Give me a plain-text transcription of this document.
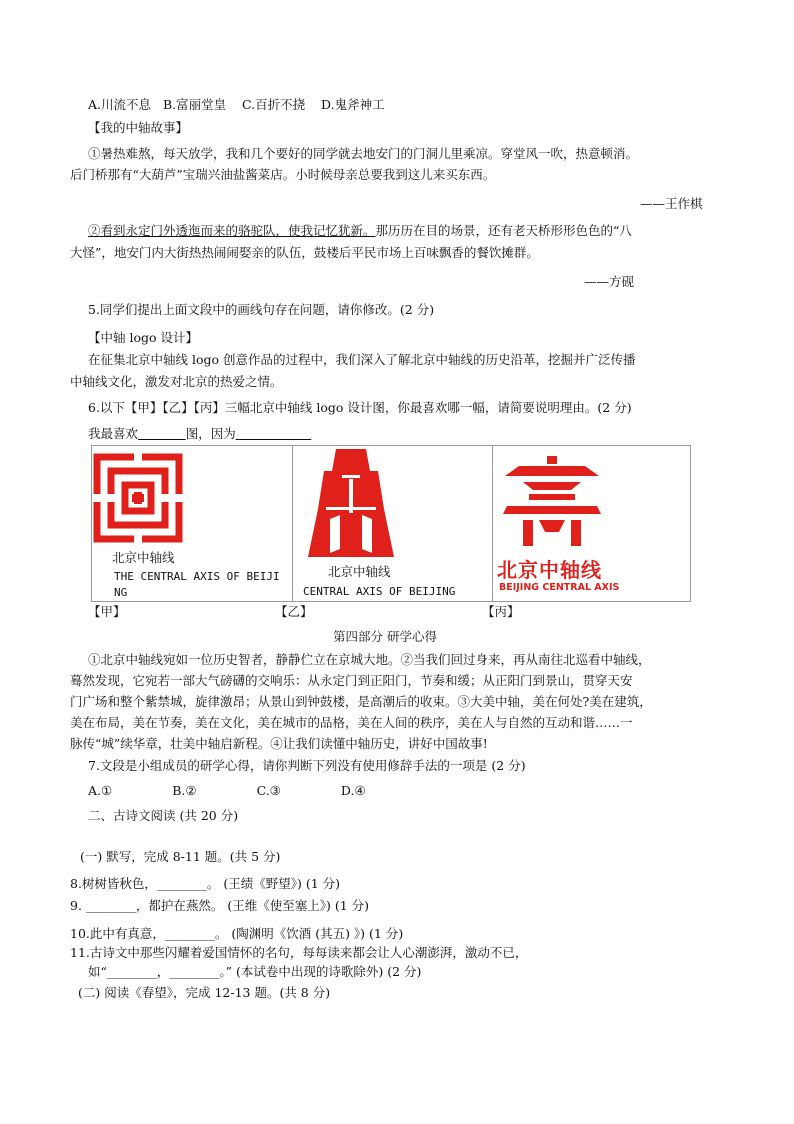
A.川流不息 B.富丽堂皇 C.百折不挠 D.鬼斧神工
【我的中轴故事】
①暑热难熬，每天放学，我和几个要好的同学就去地安门的门洞儿里乘凉。穿堂风一吹，热意顿消。
后门桥那有“大葫芦”宝瑞兴油盐酱菜店。小时候母亲总要我到这儿来买东西。
——王作棋
②看到永定门外透迤而来的骆驼队，使我记忆犹新。那历历在目的场景，还有老天桥形形色色的“八
大怪”，地安门内大街热热闹闹娶亲的队伍，鼓楼后平民市场上百味飘香的餐饮摊群。
——方砚
5.同学们提出上面文段中的画线句存在问题，请你修改。(2 分)
【中轴 logo 设计】
在征集北京中轴线 logo 创意作品的过程中，我们深入了解北京中轴线的历史沿革，挖掘并广泛传播
中轴线文化，激发对北京的热爱之情。
6.以下【甲】【乙】【丙】三幅北京中轴线 logo 设计图，你最喜欢哪一幅，请简要说明理由。(2 分)
我最喜欢	图，因为
北京中轴线
THE CENTRAL AXIS OF BEIJI
NG
北京中轴线
CENTRAL AXIS OF BEIJING
北京中轴线
BEIJING CENTRAL AXIS
【甲】	【乙】	【丙】
第四部分 研学心得
①北京中轴线宛如一位历史智者，静静伫立在京城大地。②当我们回过身来，再从南往北巡看中轴线，
蓦然发现，它宛若一部大气磅礴的交响乐：从永定门到正阳门，节奏和缓；从正阳门到景山，贯穿天安
门广场和整个紫禁城，旋律激昂；从景山到钟鼓楼，是高潮后的收束。③大美中轴，美在何处?美在建筑，
美在布局，美在节奏，美在文化，美在城市的品格，美在人间的秩序，美在人与自然的互动和谐……一
脉传“城”续华章，壮美中轴启新程。④让我们读懂中轴历史，讲好中国故事!
7.文段是小组成员的研学心得，请你判断下列没有使用修辞手法的一项是 (2 分)
A.①	B.②	C.③	D.④
二、古诗文阅读 (共 20 分)
(一) 默写，完成 8-11 题。(共 5 分)
8.树树皆秋色，________。 (王绩《野望》) (1 分)
9. ________，都护在燕然。 (王维《使至塞上》) (1 分)
10.此中有真意，________。 (陶渊明《饮酒 (其五) 》) (1 分)
11.古诗文中那些闪耀着爱国情怀的名句，每每读来都会让人心潮澎湃，激动不已，
如“________，________。” (本试卷中出现的诗歌除外) (2 分)
(二) 阅读《春望》，完成 12-13 题。(共 8 分)
